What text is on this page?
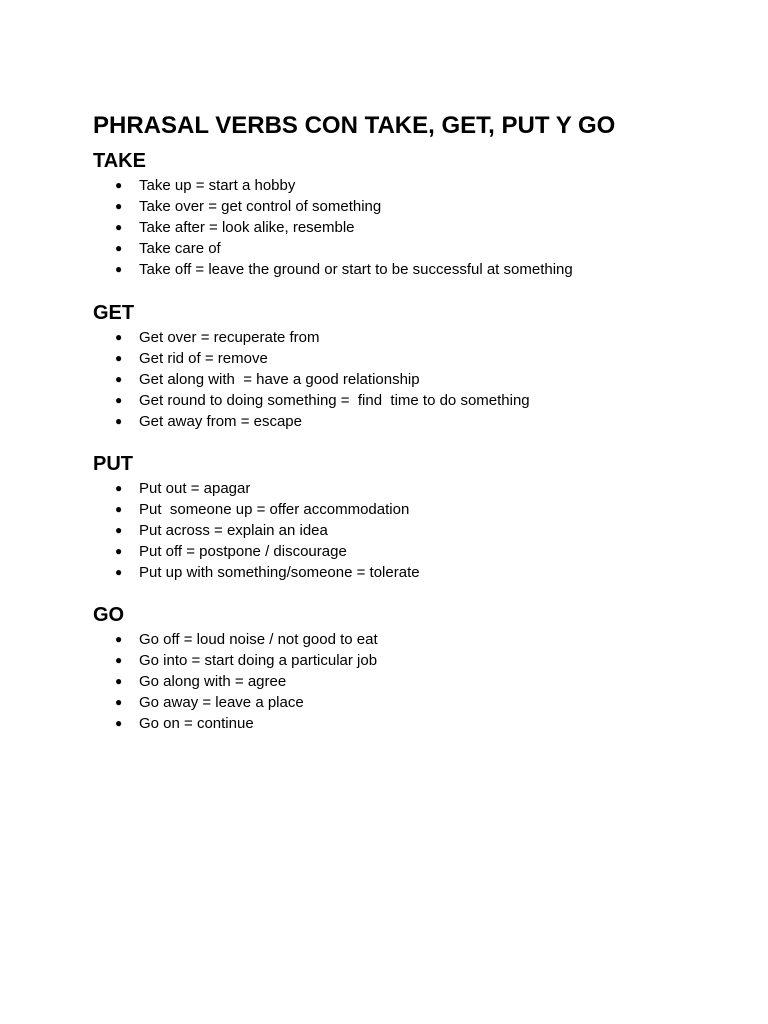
PHRASAL VERBS CON TAKE, GET, PUT Y GO
TAKE
●	Take up = start a hobby
●	Take over = get control of something
●	Take after = look alike, resemble
●	Take care of
●	Take off = leave the ground or start to be successful at something
GET
●	Get over = recuperate from
●	Get rid of = remove
●	Get along with  = have a good relationship
●	Get round to doing something =  find  time to do something
●	Get away from = escape
PUT
●	Put out = apagar
●	Put  someone up = offer accommodation
●	Put across = explain an idea
●	Put off = postpone / discourage
●	Put up with something/someone = tolerate
GO
●	Go off = loud noise / not good to eat
●	Go into = start doing a particular job
●	Go along with = agree
●	Go away = leave a place
●	Go on = continue
